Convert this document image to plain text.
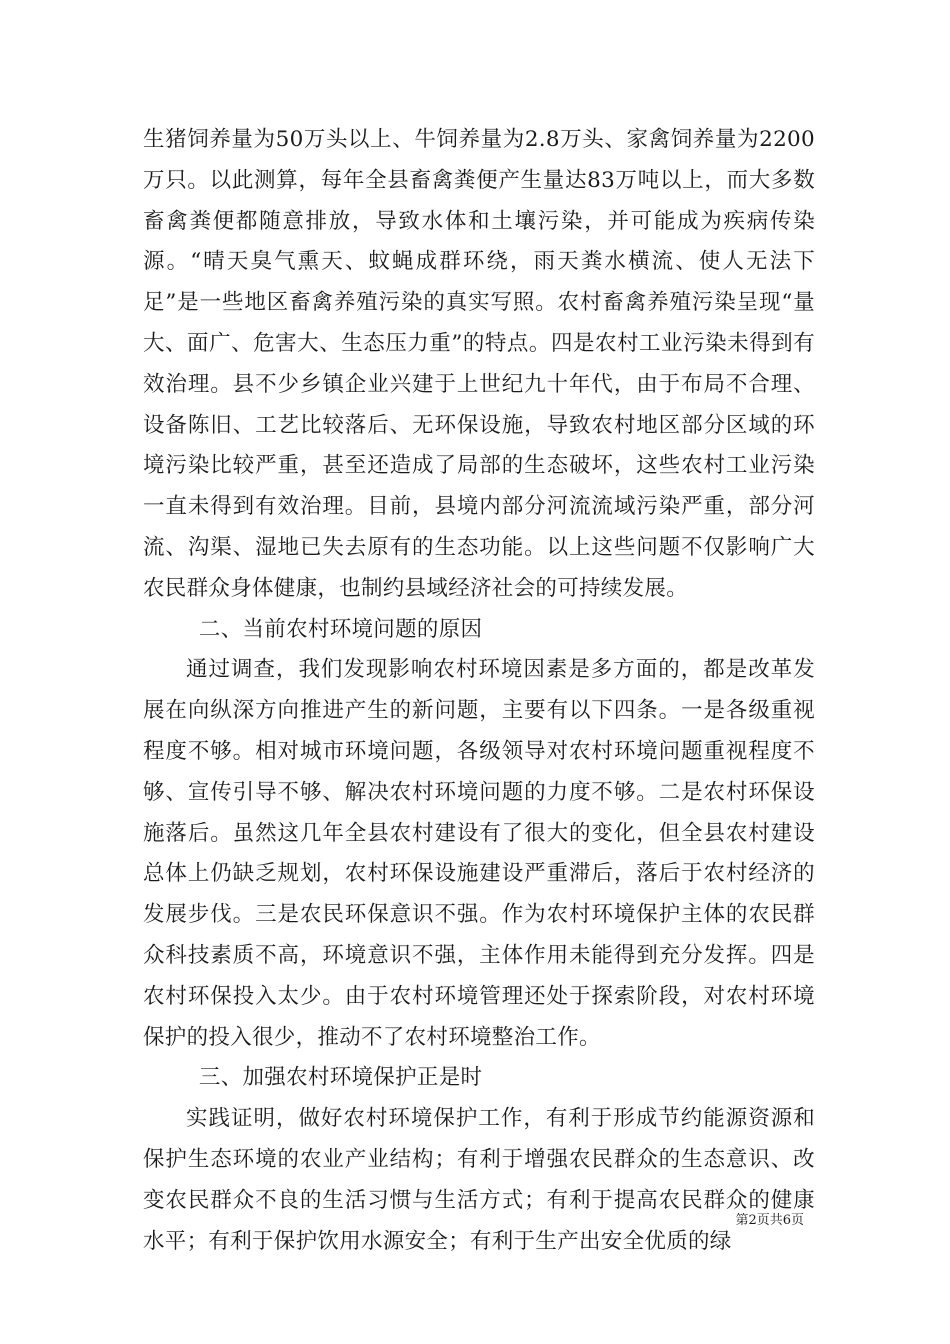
生猪饲养量为50万头以上、牛饲养量为2.8万头、家禽饲养量为2200万只。以此测算，每年全县畜禽粪便产生量达83万吨以上，而大多数畜禽粪便都随意排放，导致水体和土壤污染，并可能成为疾病传染源。“晴天臭气熏天、蚊蝇成群环绕，雨天粪水横流、使人无法下足”是一些地区畜禽养殖污染的真实写照。农村畜禽养殖污染呈现“量大、面广、危害大、生态压力重”的特点。四是农村工业污染未得到有效治理。县不少乡镇企业兴建于上世纪九十年代，由于布局不合理、设备陈旧、工艺比较落后、无环保设施，导致农村地区部分区域的环境污染比较严重，甚至还造成了局部的生态破坏，这些农村工业污染一直未得到有效治理。目前，县境内部分河流流域污染严重，部分河流、沟渠、湿地已失去原有的生态功能。以上这些问题不仅影响广大农民群众身体健康，也制约县域经济社会的可持续发展。

二、当前农村环境问题的原因

通过调查，我们发现影响农村环境因素是多方面的，都是改革发展在向纵深方向推进产生的新问题，主要有以下四条。一是各级重视程度不够。相对城市环境问题，各级领导对农村环境问题重视程度不够、宣传引导不够、解决农村环境问题的力度不够。二是农村环保设施落后。虽然这几年全县农村建设有了很大的变化，但全县农村建设总体上仍缺乏规划，农村环保设施建设严重滞后，落后于农村经济的发展步伐。三是农民环保意识不强。作为农村环境保护主体的农民群众科技素质不高，环境意识不强，主体作用未能得到充分发挥。四是农村环保投入太少。由于农村环境管理还处于探索阶段，对农村环境保护的投入很少，推动不了农村环境整治工作。

三、加强农村环境保护正是时

实践证明，做好农村环境保护工作，有利于形成节约能源资源和保护生态环境的农业产业结构；有利于增强农民群众的生态意识、改变农民群众不良的生活习惯与生活方式；有利于提高农民群众的健康水平；有利于保护饮用水源安全；有利于生产出安全优质的绿

第2页共6页
